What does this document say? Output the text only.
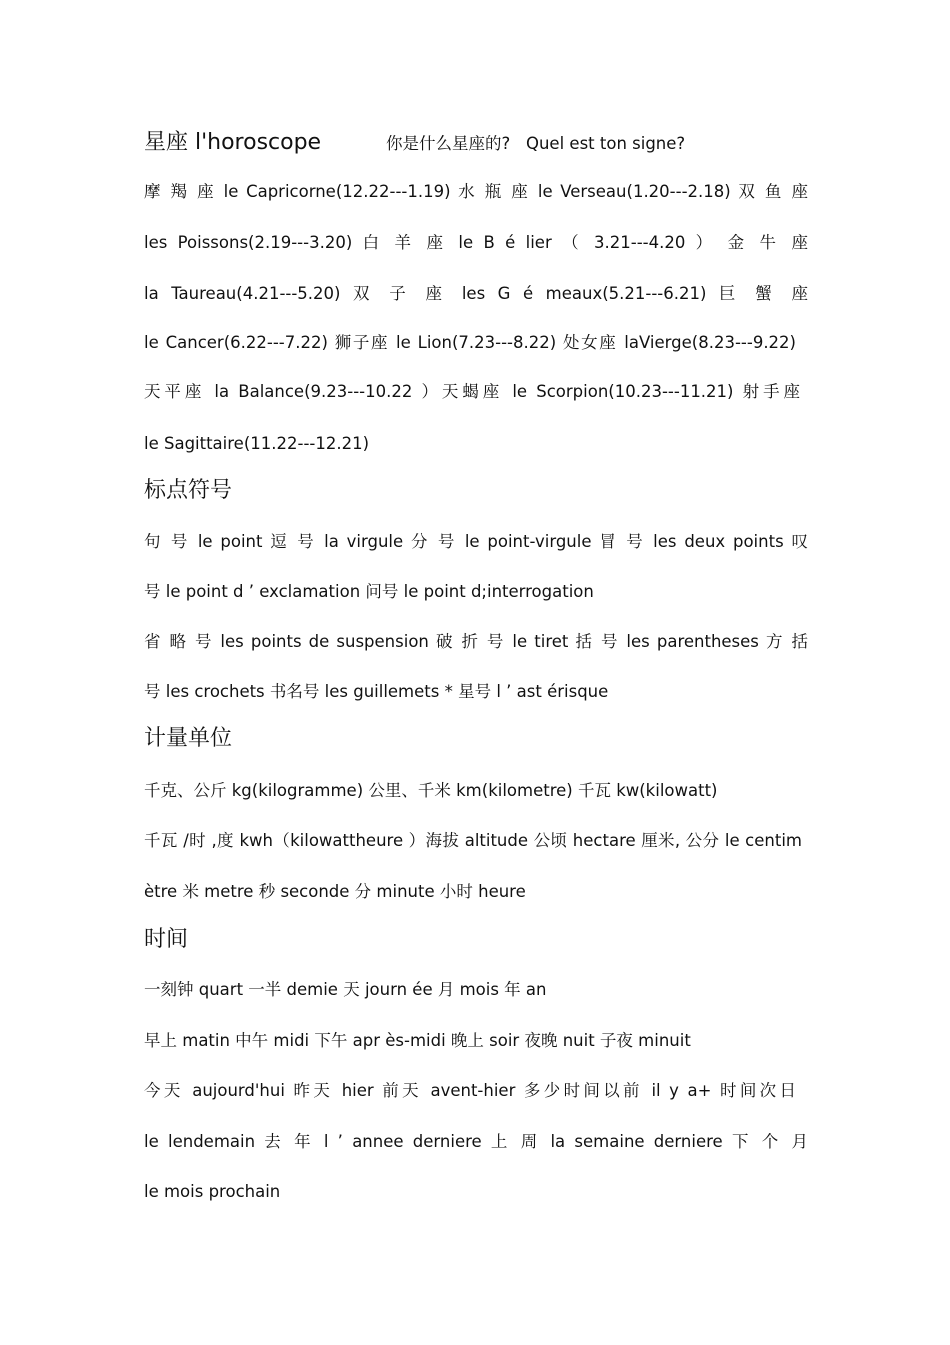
星座 l'horoscope	你是什么星座的?   Quel est ton signe?
摩 羯 座 le Capricorne(12.22---1.19) 水 瓶 座 le Verseau(1.20---2.18) 双 鱼 座
les Poissons(2.19---3.20) 白 羊 座 le B é lier （ 3.21---4.20 ） 金 牛 座
la Taureau(4.21---5.20) 双 子 座 les G é meaux(5.21---6.21) 巨 蟹 座
le Cancer(6.22---7.22) 狮子座 le Lion(7.23---8.22) 处女座 laVierge(8.23---9.22)
天平座 la Balance(9.23---10.22 ）天蝎座 le Scorpion(10.23---11.21) 射手座
le Sagittaire(11.22---12.21)
标点符号
句 号 le point 逗 号 la virgule 分 号 le point-virgule 冒 号 les deux points 叹
号 le point d ’ exclamation 问号 le point d;interrogation
省 略 号 les points de suspension 破 折 号 le tiret 括 号 les parentheses 方 括
号 les crochets 书名号 les guillemets * 星号 l ’ ast érisque
计量单位
千克、公斤 kg(kilogramme) 公里、千米 km(kilometre) 千瓦 kw(kilowatt)
千瓦 /时 ,度 kwh（kilowattheure ）海拔 altitude 公顷 hectare 厘米, 公分 le centim
ètre 米 metre 秒 seconde 分 minute 小时 heure
时间
一刻钟 quart 一半 demie 天 journ ée 月 mois 年 an
早上 matin 中午 midi 下午 apr ès-midi 晚上 soir 夜晚 nuit 子夜 minuit
今天 aujourd'hui 昨天 hier 前天 avent-hier 多少时间以前 il y a+ 时间次日
le lendemain 去 年 l ’ annee derniere 上 周 la semaine derniere 下 个 月
le mois prochain
